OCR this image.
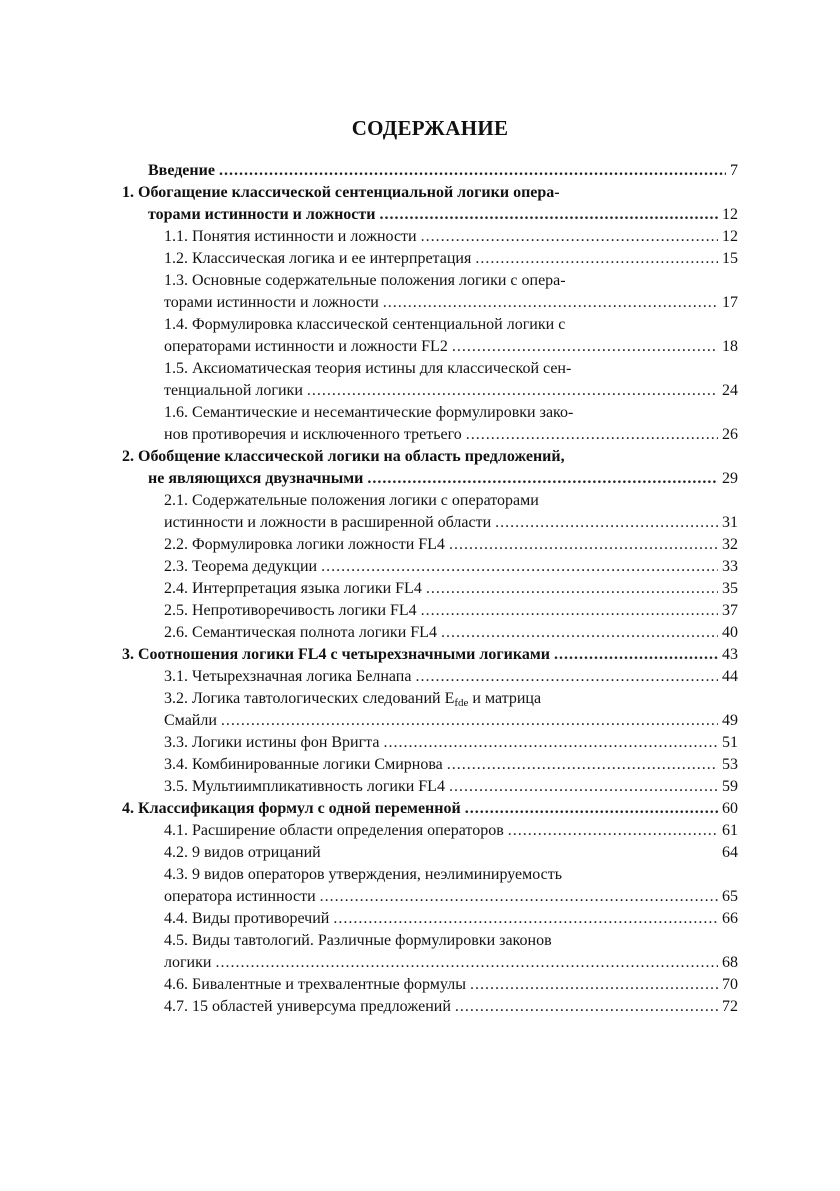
СОДЕРЖАНИЕ
Введение .....	7
1. Обогащение классической сентенциальной логики опера-
торами истинности и ложности .....	12
1.1. Понятия истинности и ложности .....	12
1.2. Классическая логика и ее интерпретация .....	15
1.3. Основные содержательные положения логики с опера-
торами истинности и ложности .....	17
1.4. Формулировка классической сентенциальной логики с
операторами истинности и ложности FL2 .....	18
1.5. Аксиоматическая теория истины для классической сен-
тенциальной логики .....	24
1.6. Семантические и несемантические формулировки зако-
нов противоречия и исключенного третьего .....	26
2. Обобщение классической логики на область предложений,
не являющихся двузначными .....	29
2.1. Содержательные положения логики с операторами
истинности и ложности в расширенной области .....	31
2.2. Формулировка логики ложности FL4 .....	32
2.3. Теорема дедукции .....	33
2.4. Интерпретация языка логики FL4 .....	35
2.5. Непротиворечивость логики FL4 .....	37
2.6. Семантическая полнота логики FL4 .....	40
3. Соотношения логики FL4 с четырехзначными логиками .....	43
3.1. Четырехзначная логика Белнапа .....	44
3.2. Логика тавтологических следований $E_{fde}$ и матрица
Смайли .....	49
3.3. Логики истины фон Вригта .....	51
3.4. Комбинированные логики Смирнова .....	53
3.5. Мультиимпликативность логики FL4 .....	59
4. Классификация формул с одной переменной .....	60
4.1. Расширение области определения операторов .....	61
4.2. 9 видов отрицаний	64
4.3. 9 видов операторов утверждения, неэлиминируемость
оператора истинности .....	65
4.4. Виды противоречий .....	66
4.5. Виды тавтологий. Различные формулировки законов
логики .....	68
4.6. Бивалентные и трехвалентные формулы .....	70
4.7. 15 областей универсума предложений .....	72
